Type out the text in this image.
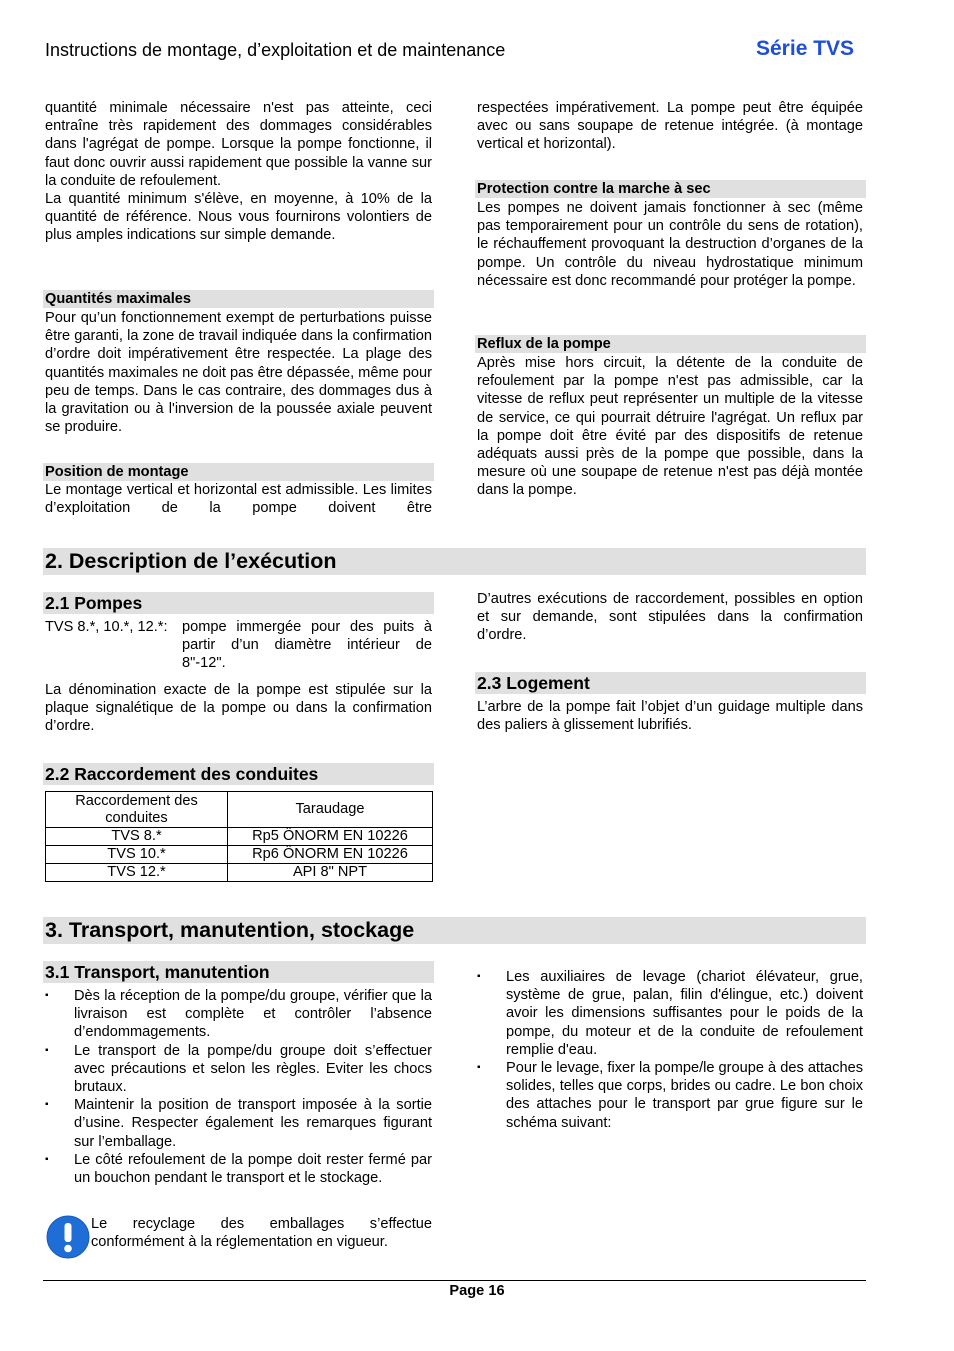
Instructions de montage, d’exploitation et de maintenance	Série TVS

quantité minimale nécessaire n'est pas atteinte, ceci entraîne très rapidement des dommages considérables dans l'agrégat de pompe. Lorsque la pompe fonctionne, il faut donc ouvrir aussi rapidement que possible la vanne sur la conduite de refoulement.

La quantité minimum s'élève, en moyenne, à 10% de la quantité de référence. Nous vous fournirons volontiers de plus amples indications sur simple demande.

Quantités maximales
Pour qu’un fonctionnement exempt de perturbations puisse être garanti, la zone de travail indiquée dans la confirmation d’ordre doit impérativement être respectée. La plage des quantités maximales ne doit pas être dépassée, même pour peu de temps. Dans le cas contraire, des dommages dus à la gravitation ou à l'inversion de la poussée axiale peuvent se produire.
Position de montage
Le montage vertical et horizontal est admissible. Les limites d’exploitation de la pompe doivent être
respectées impérativement. La pompe peut être équipée avec ou sans soupape de retenue intégrée. (à montage vertical et horizontal).
Protection contre la marche à sec
Les pompes ne doivent jamais fonctionner à sec (même pas temporairement pour un contrôle du sens de rotation), le réchauffement provoquant la destruction d’organes de la pompe. Un contrôle du niveau hydrostatique minimum nécessaire est donc recommandé pour protéger la pompe.
Reflux de la pompe
Après mise hors circuit, la détente de la conduite de refoulement par la pompe n'est pas admissible, car la vitesse de reflux peut représenter un multiple de la vitesse de service, ce qui pourrait détruire l'agrégat. Un reflux par la pompe doit être évité par des dispositifs de retenue adéquats aussi près de la pompe que possible, dans la mesure où une soupape de retenue n'est pas déjà montée dans la pompe.
2. Description de l’exécution
2.1 Pompes
TVS 8.*, 10.*, 12.*: pompe immergée pour des puits à partir d’un diamètre intérieur de 8"-12".
La dénomination exacte de la pompe est stipulée sur la plaque signalétique de la pompe ou dans la confirmation d’ordre.
2.2 Raccordement des conduites
Raccordement des conduites	Taraudage
TVS 8.*	Rp5 ÖNORM EN 10226
TVS 10.*	Rp6 ÖNORM EN 10226
TVS 12.*	API 8" NPT
D’autres exécutions de raccordement, possibles en option et sur demande, sont stipulées dans la confirmation d’ordre.
2.3 Logement
L’arbre de la pompe fait l’objet d’un guidage multiple dans des paliers à glissement lubrifiés.
3. Transport, manutention, stockage
3.1 Transport, manutention
▪ Dès la réception de la pompe/du groupe, vérifier que la livraison est complète et contrôler l’absence d’endommagements.
▪ Le transport de la pompe/du groupe doit s’effectuer avec précautions et selon les règles. Eviter les chocs brutaux.
▪ Maintenir la position de transport imposée à la sortie d’usine. Respecter également les remarques figurant sur l’emballage.
▪ Le côté refoulement de la pompe doit rester fermé par un bouchon pendant le transport et le stockage.
Le recyclage des emballages s’effectue conformément à la réglementation en vigueur.
▪ Les auxiliaires de levage (chariot élévateur, grue, système de grue, palan, filin d'élingue, etc.) doivent avoir les dimensions suffisantes pour le poids de la pompe, du moteur et de la conduite de refoulement remplie d'eau.
▪ Pour le levage, fixer la pompe/le groupe à des attaches solides, telles que corps, brides ou cadre. Le bon choix des attaches pour le transport par grue figure sur le schéma suivant:
Page 16
